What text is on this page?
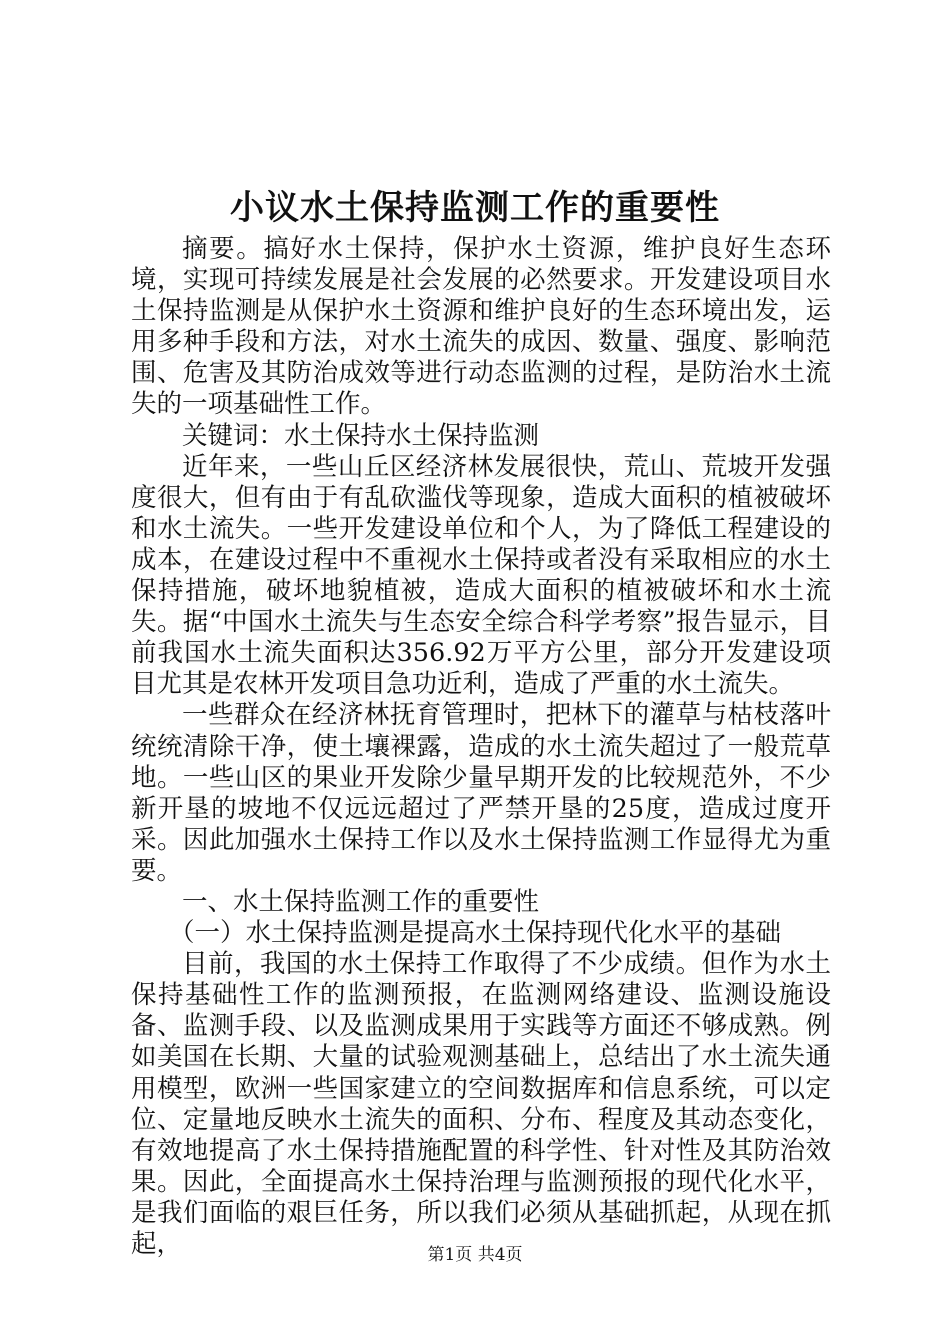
小议水土保持监测工作的重要性

摘要。搞好水土保持，保护水土资源，维护良好生态环境，实现可持续发展是社会发展的必然要求。开发建设项目水土保持监测是从保护水土资源和维护良好的生态环境出发，运用多种手段和方法，对水土流失的成因、数量、强度、影响范围、危害及其防治成效等进行动态监测的过程，是防治水土流失的一项基础性工作。

关键词：水土保持水土保持监测

近年来，一些山丘区经济林发展很快，荒山、荒坡开发强度很大，但有由于有乱砍滥伐等现象，造成大面积的植被破坏和水土流失。一些开发建设单位和个人，为了降低工程建设的成本，在建设过程中不重视水土保持或者没有采取相应的水土保持措施，破坏地貌植被，造成大面积的植被破坏和水土流失。据“中国水土流失与生态安全综合科学考察”报告显示，目前我国水土流失面积达356.92万平方公里，部分开发建设项目尤其是农林开发项目急功近利，造成了严重的水土流失。

一些群众在经济林抚育管理时，把林下的灌草与枯枝落叶统统清除干净，使土壤裸露，造成的水土流失超过了一般荒草地。一些山区的果业开发除少量早期开发的比较规范外，不少新开垦的坡地不仅远远超过了严禁开垦的25度，造成过度开采。因此加强水土保持工作以及水土保持监测工作显得尤为重要。

一、水土保持监测工作的重要性

（一）水土保持监测是提高水土保持现代化水平的基础

目前，我国的水土保持工作取得了不少成绩。但作为水土保持基础性工作的监测预报，在监测网络建设、监测设施设备、监测手段、以及监测成果用于实践等方面还不够成熟。例如美国在长期、大量的试验观测基础上，总结出了水土流失通用模型，欧洲一些国家建立的空间数据库和信息系统，可以定位、定量地反映水土流失的面积、分布、程度及其动态变化，有效地提高了水土保持措施配置的科学性、针对性及其防治效果。因此，全面提高水土保持治理与监测预报的现代化水平，是我们面临的艰巨任务，所以我们必须从基础抓起，从现在抓起，	第1页 共4页
